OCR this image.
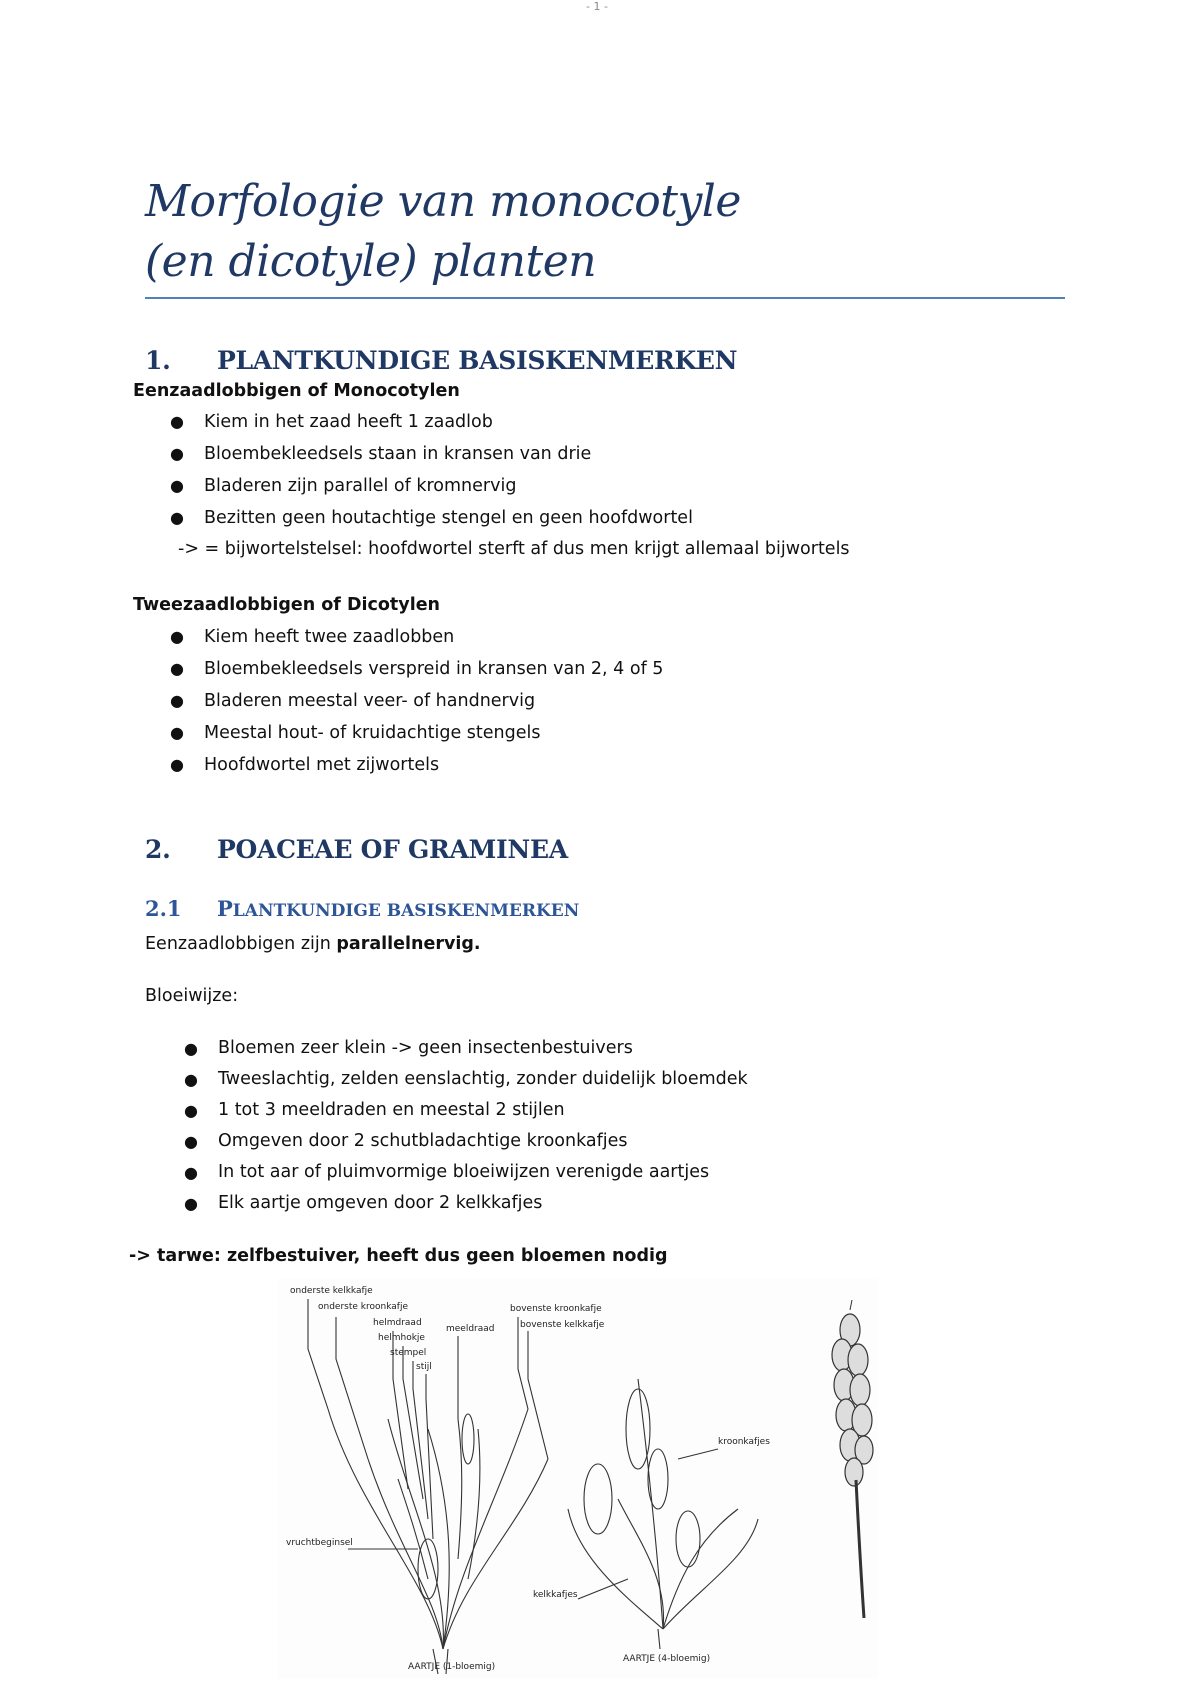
- 1 -
Morfologie van monocotyle
(en dicotyle) planten
1. PLANTKUNDIGE BASISKENMERKEN
Eenzaadlobbigen of Monocotylen
● Kiem in het zaad heeft 1 zaadlob
● Bloembekleedsels staan in kransen van drie
● Bladeren zijn parallel of kromnervig
● Bezitten geen houtachtige stengel en geen hoofdwortel
-> = bijwortelstelsel: hoofdwortel sterft af dus men krijgt allemaal bijwortels
Tweezaadlobbigen of Dicotylen
● Kiem heeft twee zaadlobben
● Bloembekleedsels verspreid in kransen van 2, 4 of 5
● Bladeren meestal veer- of handnervig
● Meestal hout- of kruidachtige stengels
● Hoofdwortel met zijwortels
2. POACEAE OF GRAMINEA
2.1 PLANTKUNDIGE BASISKENMERKEN
Eenzaadlobbigen zijn parallelnervig.
Bloeiwijze:
● Bloemen zeer klein -> geen insectenbestuivers
● Tweeslachtig, zelden eenslachtig, zonder duidelijk bloemdek
● 1 tot 3 meeldraden en meestal 2 stijlen
● Omgeven door 2 schutbladachtige kroonkafjes
● In tot aar of pluimvormige bloeiwijzen verenigde aartjes
● Elk aartje omgeven door 2 kelkkafjes
-> tarwe: zelfbestuiver, heeft dus geen bloemen nodig
onderste kelkkafje
onderste kroonkafje
helmdraad
helmhokje
stempel
stijl
meeldraad
bovenste kroonkafje
bovenste kelkkafje
vruchtbeginsel
kroonkafjes
kelkkafjes
AARTJE (1-bloemig)
AARTJE (4-bloemig)
